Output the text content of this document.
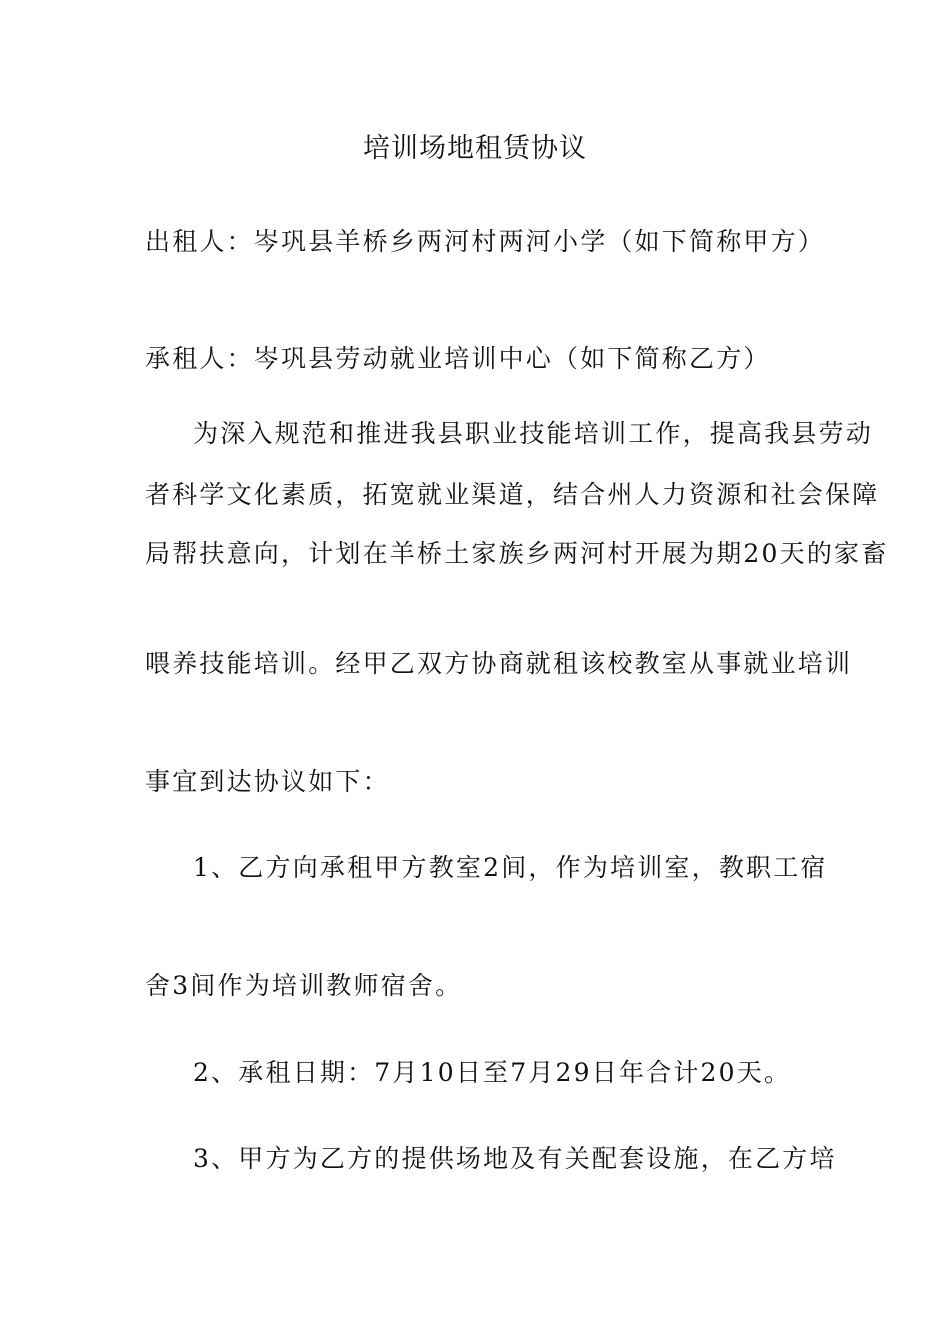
培训场地租赁协议
出租人：岑巩县羊桥乡两河村两河小学（如下简称甲方）
承租人：岑巩县劳动就业培训中心（如下简称乙方）
为深入规范和推进我县职业技能培训工作，提高我县劳动
者科学文化素质，拓宽就业渠道，结合州人力资源和社会保障
局帮扶意向，计划在羊桥土家族乡两河村开展为期20天的家畜
喂养技能培训。经甲乙双方协商就租该校教室从事就业培训
事宜到达协议如下：
1、乙方向承租甲方教室2间，作为培训室，教职工宿
舍3间作为培训教师宿舍。
2、承租日期：7月10日至7月29日年合计20天。
3、甲方为乙方的提供场地及有关配套设施，在乙方培
